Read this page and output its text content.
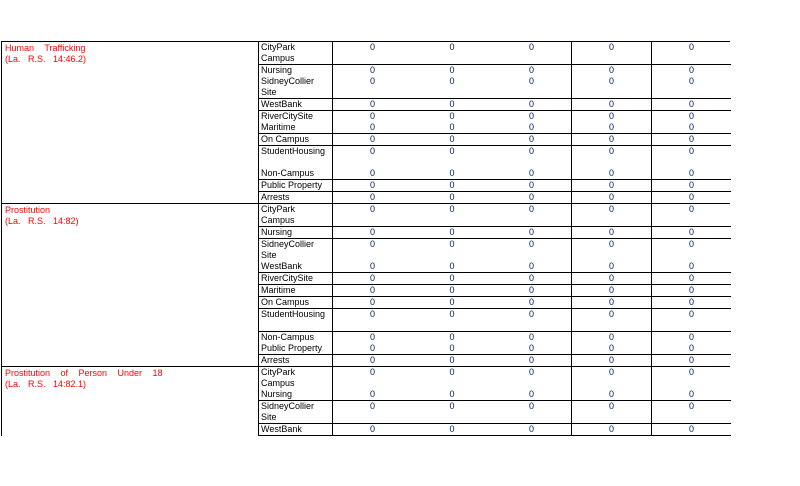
Human Trafficking
(La. R.S. 14:46.2)
CityPark	0	0	0	0	0
Campus
Nursing	0	0	0	0	0
SidneyCollier	0	0	0	0	0
Site
WestBank	0	0	0	0	0
RiverCitySite	0	0	0	0	0
Maritime	0	0	0	0	0
On Campus	0	0	0	0	0
StudentHousing	0	0	0	0	0
Non-Campus	0	0	0	0	0
Public Property	0	0	0	0	0
Arrests	0	0	0	0	0
Prostitution
(La. R.S. 14:82)
CityPark	0	0	0	0	0
Campus
Nursing	0	0	0	0	0
SidneyCollier	0	0	0	0	0
Site
WestBank	0	0	0	0	0
RiverCitySite	0	0	0	0	0
Maritime	0	0	0	0	0
On Campus	0	0	0	0	0
StudentHousing	0	0	0	0	0
Non-Campus	0	0	0	0	0
Public Property	0	0	0	0	0
Arrests	0	0	0	0	0
Prostitution of Person Under 18
(La. R.S. 14:82.1)
CityPark	0	0	0	0	0
Campus
Nursing	0	0	0	0	0
SidneyCollier	0	0	0	0	0
Site
WestBank	0	0	0	0	0
